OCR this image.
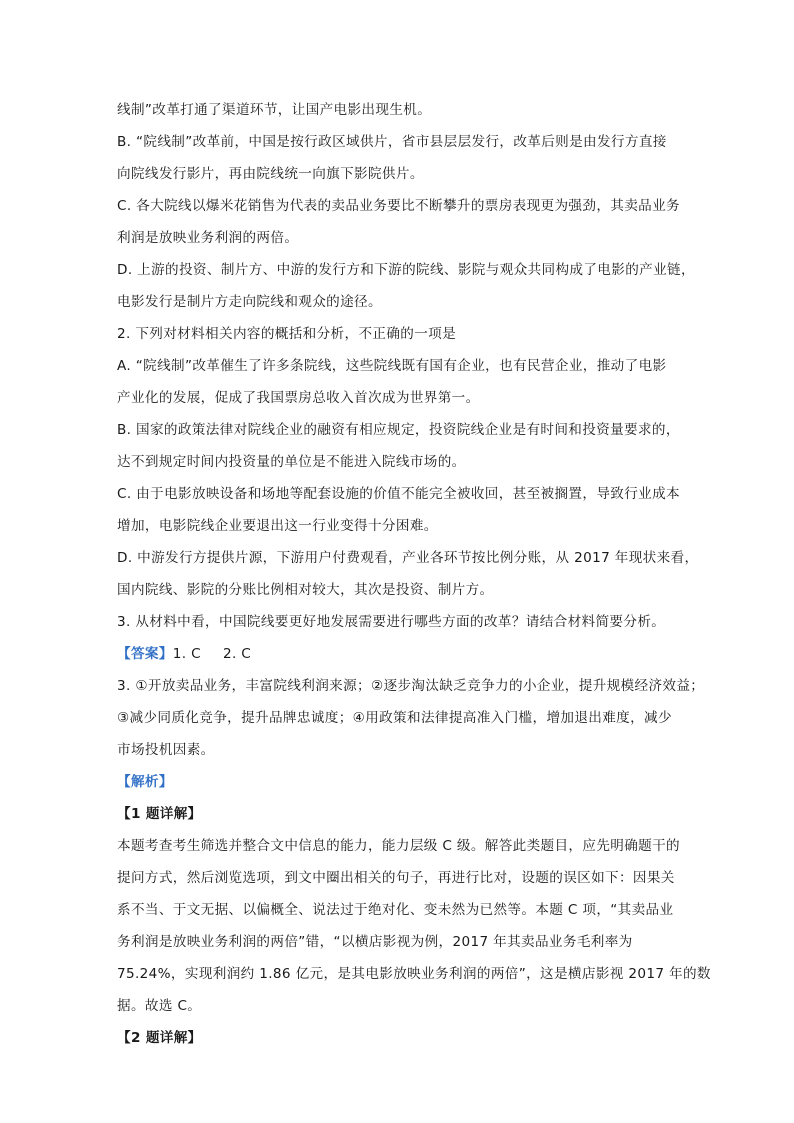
线制”改革打通了渠道环节，让国产电影出现生机。
B. “院线制”改革前，中国是按行政区域供片，省市县层层发行，改革后则是由发行方直接
向院线发行影片，再由院线统一向旗下影院供片。
C. 各大院线以爆米花销售为代表的卖品业务要比不断攀升的票房表现更为强劲，其卖品业务
利润是放映业务利润的两倍。
D. 上游的投资、制片方、中游的发行方和下游的院线、影院与观众共同构成了电影的产业链，
电影发行是制片方走向院线和观众的途径。
2. 下列对材料相关内容的概括和分析，不正确的一项是
A. “院线制”改革催生了许多条院线，这些院线既有国有企业，也有民营企业，推动了电影
产业化的发展，促成了我国票房总收入首次成为世界第一。
B. 国家的政策法律对院线企业的融资有相应规定，投资院线企业是有时间和投资量要求的，
达不到规定时间内投资量的单位是不能进入院线市场的。
C. 由于电影放映设备和场地等配套设施的价值不能完全被收回，甚至被搁置，导致行业成本
增加，电影院线企业要退出这一行业变得十分困难。
D. 中游发行方提供片源，下游用户付费观看，产业各环节按比例分账，从 2017 年现状来看，
国内院线、影院的分账比例相对较大，其次是投资、制片方。
3. 从材料中看，中国院线要更好地发展需要进行哪些方面的改革？请结合材料简要分析。
【答案】1. C 2. C
3. ①开放卖品业务，丰富院线利润来源；②逐步淘汰缺乏竞争力的小企业，提升规模经济效益；
③减少同质化竞争，提升品牌忠诚度；④用政策和法律提高准入门槛，增加退出难度，减少
市场投机因素。
【解析】
【1 题详解】
本题考查考生筛选并整合文中信息的能力，能力层级 C 级。解答此类题目，应先明确题干的
提问方式，然后浏览选项，到文中圈出相关的句子，再进行比对，设题的误区如下：因果关
系不当、于文无据、以偏概全、说法过于绝对化、变未然为已然等。本题 C 项，“其卖品业
务利润是放映业务利润的两倍”错，“以横店影视为例，2017 年其卖品业务毛利率为
75.24%，实现利润约 1.86 亿元，是其电影放映业务利润的两倍”，这是横店影视 2017 年的数
据。故选 C。
【2 题详解】
